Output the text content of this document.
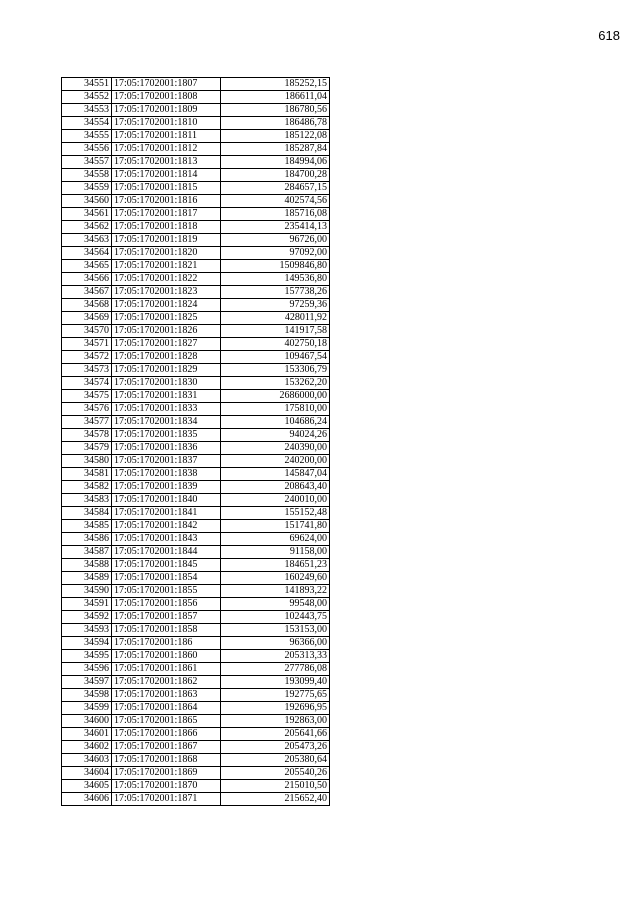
618
34551	17:05:1702001:1807	185252,15
34552	17:05:1702001:1808	186611,04
34553	17:05:1702001:1809	186780,56
34554	17:05:1702001:1810	186486,78
34555	17:05:1702001:1811	185122,08
34556	17:05:1702001:1812	185287,84
34557	17:05:1702001:1813	184994,06
34558	17:05:1702001:1814	184700,28
34559	17:05:1702001:1815	284657,15
34560	17:05:1702001:1816	402574,56
34561	17:05:1702001:1817	185716,08
34562	17:05:1702001:1818	235414,13
34563	17:05:1702001:1819	96726,00
34564	17:05:1702001:1820	97092,00
34565	17:05:1702001:1821	1509846,80
34566	17:05:1702001:1822	149536,80
34567	17:05:1702001:1823	157738,26
34568	17:05:1702001:1824	97259,36
34569	17:05:1702001:1825	428011,92
34570	17:05:1702001:1826	141917,58
34571	17:05:1702001:1827	402750,18
34572	17:05:1702001:1828	109467,54
34573	17:05:1702001:1829	153306,79
34574	17:05:1702001:1830	153262,20
34575	17:05:1702001:1831	2686000,00
34576	17:05:1702001:1833	175810,00
34577	17:05:1702001:1834	104686,24
34578	17:05:1702001:1835	94024,26
34579	17:05:1702001:1836	240390,00
34580	17:05:1702001:1837	240200,00
34581	17:05:1702001:1838	145847,04
34582	17:05:1702001:1839	208643,40
34583	17:05:1702001:1840	240010,00
34584	17:05:1702001:1841	155152,48
34585	17:05:1702001:1842	151741,80
34586	17:05:1702001:1843	69624,00
34587	17:05:1702001:1844	91158,00
34588	17:05:1702001:1845	184651,23
34589	17:05:1702001:1854	160249,60
34590	17:05:1702001:1855	141893,22
34591	17:05:1702001:1856	99548,00
34592	17:05:1702001:1857	102443,75
34593	17:05:1702001:1858	153153,00
34594	17:05:1702001:186	96366,00
34595	17:05:1702001:1860	205313,33
34596	17:05:1702001:1861	277786,08
34597	17:05:1702001:1862	193099,40
34598	17:05:1702001:1863	192775,65
34599	17:05:1702001:1864	192696,95
34600	17:05:1702001:1865	192863,00
34601	17:05:1702001:1866	205641,66
34602	17:05:1702001:1867	205473,26
34603	17:05:1702001:1868	205380,64
34604	17:05:1702001:1869	205540,26
34605	17:05:1702001:1870	215010,50
34606	17:05:1702001:1871	215652,40
